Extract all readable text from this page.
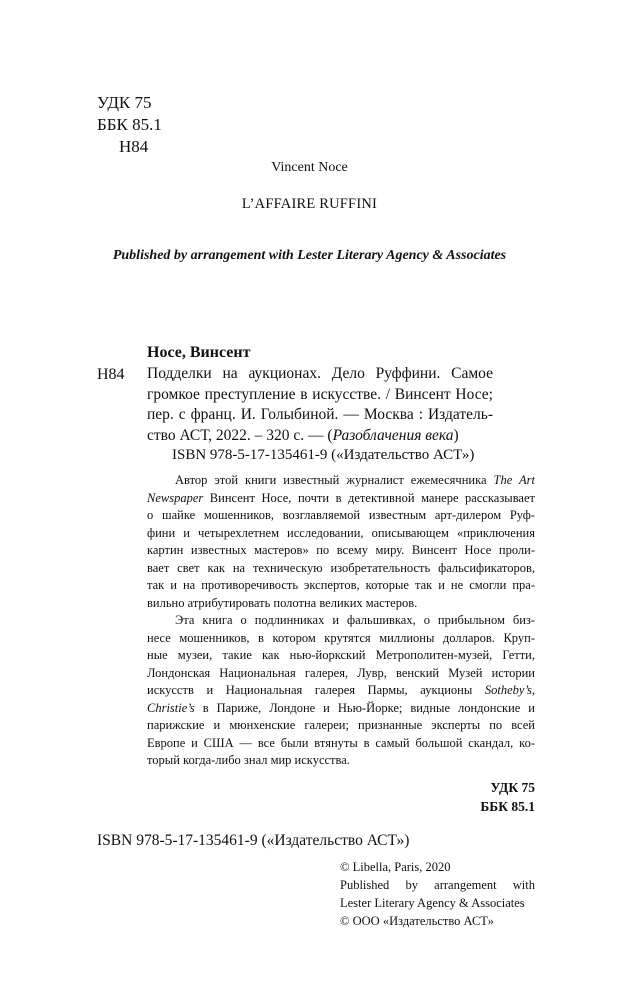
УДК 75
ББК 85.1
Н84
Vincent Noce
L’AFFAIRE RUFFINI
Published by arrangement with Lester Literary Agency & Associates
Носе, Винсент
Н84 Подделки на аукционах. Дело Руффини. Самое
громкое преступление в искусстве. / Винсент Носе;
пер. с франц. И. Голыбиной. — Москва : Издатель-
ство АСТ, 2022. – 320 с. — (Разоблачения века)
ISBN 978-5-17-135461-9 («Издательство АСТ»)
Автор этой книги известный журналист ежемесячника The Art
Newspaper Винсент Носе, почти в детективной манере рассказывает
о шайке мошенников, возглавляемой известным арт-дилером Руф-
фини и четырехлетнем исследовании, описывающем «приключения
картин известных мастеров» по всему миру. Винсент Носе проли-
вает свет как на техническую изобретательность фальсификаторов,
так и на противоречивость экспертов, которые так и не смогли пра-
вильно атрибутировать полотна великих мастеров.
Эта книга о подлинниках и фальшивках, о прибыльном биз-
несе мошенников, в котором крутятся миллионы долларов. Круп-
ные музеи, такие как нью-йоркский Метрополитен-музей, Гетти,
Лондонская Национальная галерея, Лувр, венский Музей истории
искусств и Национальная галерея Пармы, аукционы Sotheby’s,
Christie’s в Париже, Лондоне и Нью-Йорке; видные лондонские и
парижские и мюнхенские галереи; признанные эксперты по всей
Европе и США — все были втянуты в самый большой скандал, ко-
торый когда-либо знал мир искусства.
УДК 75
ББК 85.1
ISBN 978-5-17-135461-9 («Издательство АСТ»)
© Libella, Paris, 2020
Published by arrangement with
Lester Literary Agency & Associates
© ООО «Издательство АСТ»
